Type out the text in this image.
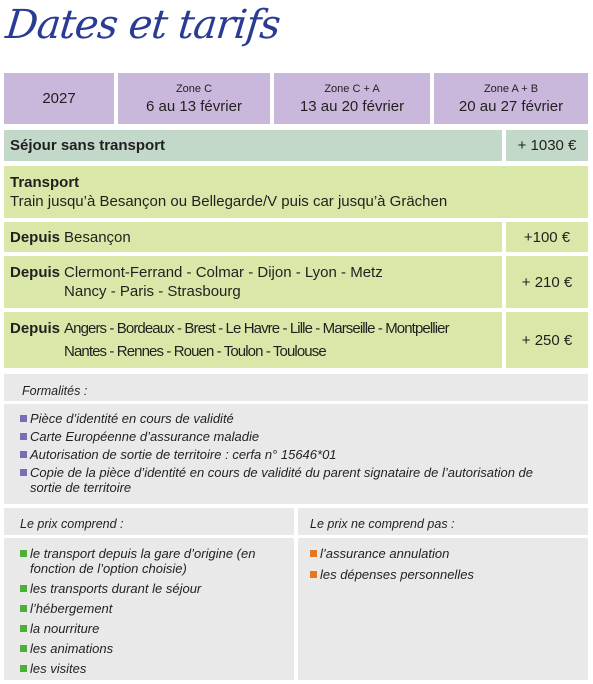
Dates et tarifs
2027
Zone C
6 au 13 février
Zone C + A
13 au 20 février
Zone A + B
20 au 27 février
Séjour sans transport	+ 1030 €
Transport
Train jusqu’à Besançon ou Bellegarde/V puis car jusqu’à Grächen
Depuis Besançon	+100 €
Depuis Clermont-Ferrand - Colmar - Dijon - Lyon - Metz
Nancy - Paris - Strasbourg
+ 210 €
Depuis Angers - Bordeaux - Brest - Le Havre - Lille - Marseille - Montpellier
Nantes - Rennes - Rouen - Toulon - Toulouse
+ 250 €
Formalités :
Pièce d’identité en cours de validité
Carte Européenne d’assurance maladie
Autorisation de sortie de territoire : cerfa n° 15646*01
Copie de la pièce d’identité en cours de validité du parent signataire de l’autorisation de sortie de territoire
Le prix comprend :
le transport depuis la gare d’origine (en fonction de l’option choisie)
les transports durant le séjour
l’hébergement
la nourriture
les animations
les visites
Le prix ne comprend pas :
l’assurance annulation
les dépenses personnelles
